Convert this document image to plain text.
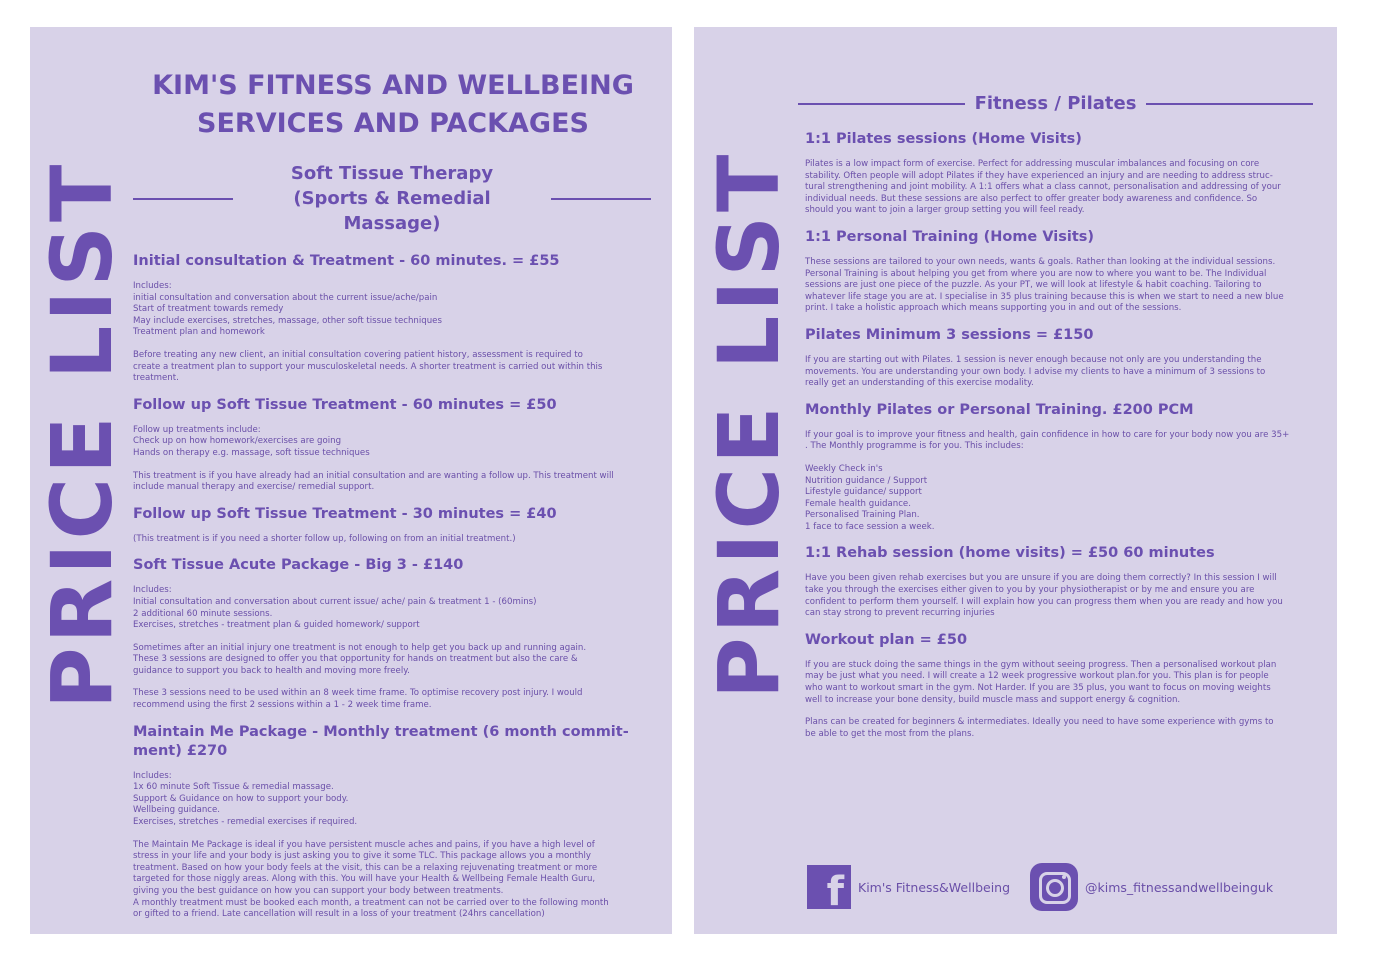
PRICE LIST
KIM'S FITNESS AND WELLBEING
SERVICES AND PACKAGES
Soft Tissue Therapy
(Sports & Remedial Massage)
Initial consultation & Treatment - 60 minutes. = £55
Includes:
initial consultation and conversation about the current issue/ache/pain
Start of treatment towards remedy
May include exercises, stretches, massage, other soft tissue techniques
Treatment plan and homework
Before treating any new client, an initial consultation covering patient history, assessment is required to
create a treatment plan to support your musculoskeletal needs. A shorter treatment is carried out within this
treatment.
Follow up Soft Tissue Treatment - 60 minutes = £50
Follow up treatments include:
Check up on how homework/exercises are going
Hands on therapy e.g. massage, soft tissue techniques
This treatment is if you have already had an initial consultation and are wanting a follow up. This treatment will
include manual therapy and exercise/ remedial support.
Follow up Soft Tissue Treatment - 30 minutes = £40
(This treatment is if you need a shorter follow up, following on from an initial treatment.)
Soft Tissue Acute Package - Big 3 - £140
Includes:
Initial consultation and conversation about current issue/ ache/ pain & treatment 1 - (60mins)
2 additional 60 minute sessions.
Exercises, stretches - treatment plan & guided homework/ support
Sometimes after an initial injury one treatment is not enough to help get you back up and running again.
These 3 sessions are designed to offer you that opportunity for hands on treatment but also the care &
guidance to support you back to health and moving more freely.
These 3 sessions need to be used within an 8 week time frame. To optimise recovery post injury. I would
recommend using the first 2 sessions within a 1 - 2 week time frame.
Maintain Me Package - Monthly treatment (6 month commit-ment) £270
Includes:
1x 60 minute Soft Tissue & remedial massage.
Support & Guidance on how to support your body.
Wellbeing guidance.
Exercises, stretches - remedial exercises if required.
The Maintain Me Package is ideal if you have persistent muscle aches and pains, if you have a high level of
stress in your life and your body is just asking you to give it some TLC. This package allows you a monthly
treatment. Based on how your body feels at the visit, this can be a relaxing rejuvenating treatment or more
targeted for those niggly areas. Along with this. You will have your Health & Wellbeing Female Health Guru,
giving you the best guidance on how you can support your body between treatments.
A monthly treatment must be booked each month, a treatment can not be carried over to the following month
or gifted to a friend. Late cancellation will result in a loss of your treatment (24hrs cancellation)
PRICE LIST
Fitness / Pilates
1:1 Pilates sessions (Home Visits)
Pilates is a low impact form of exercise. Perfect for addressing muscular imbalances and focusing on core
stability. Often people will adopt Pilates if they have experienced an injury and are needing to address struc-
tural strengthening and joint mobility. A 1:1 offers what a class cannot, personalisation and addressing of your
individual needs. But these sessions are also perfect to offer greater body awareness and confidence. So
should you want to join a larger group setting you will feel ready.
1:1 Personal Training (Home Visits)
These sessions are tailored to your own needs, wants & goals. Rather than looking at the individual sessions.
Personal Training is about helping you get from where you are now to where you want to be. The Individual
sessions are just one piece of the puzzle. As your PT, we will look at lifestyle & habit coaching. Tailoring to
whatever life stage you are at. I specialise in 35 plus training because this is when we start to need a new blue
print. I take a holistic approach which means supporting you in and out of the sessions.
Pilates Minimum 3 sessions = £150
If you are starting out with Pilates. 1 session is never enough because not only are you understanding the
movements. You are understanding your own body. I advise my clients to have a minimum of 3 sessions to
really get an understanding of this exercise modality.
Monthly Pilates or Personal Training. £200 PCM
If your goal is to improve your fitness and health, gain confidence in how to care for your body now you are 35+
. The Monthly programme is for you. This includes:
Weekly Check in's
Nutrition guidance / Support
Lifestyle guidance/ support
Female health guidance.
Personalised Training Plan.
1 face to face session a week.
1:1 Rehab session (home visits) = £50 60 minutes
Have you been given rehab exercises but you are unsure if you are doing them correctly? In this session I will
take you through the exercises either given to you by your physiotherapist or by me and ensure you are
confident to perform them yourself. I will explain how you can progress them when you are ready and how you
can stay strong to prevent recurring injuries
Workout plan = £50
If you are stuck doing the same things in the gym without seeing progress. Then a personalised workout plan
may be just what you need. I will create a 12 week progressive workout plan.for you. This plan is for people
who want to workout smart in the gym. Not Harder. If you are 35 plus, you want to focus on moving weights
well to increase your bone density, build muscle mass and support energy & cognition.
Plans can be created for beginners & intermediates. Ideally you need to have some experience with gyms to
be able to get the most from the plans.
f Kim's Fitness&Wellbeing	@kims_fitnessandwellbeinguk
